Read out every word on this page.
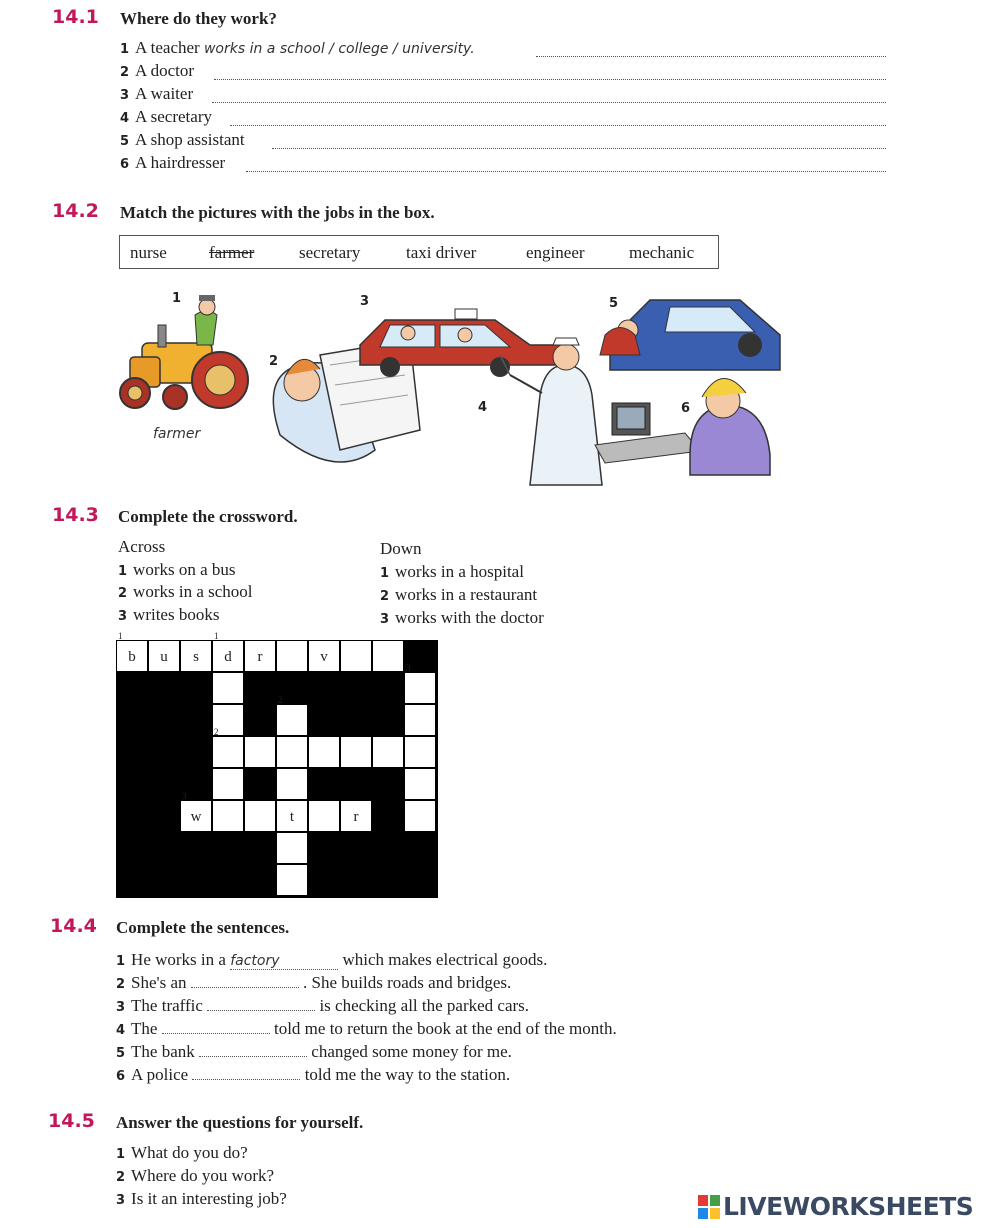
14.1 Where do they work?
1 A teacher works in a school / college / university.
2 A doctor
3 A waiter
4 A secretary
5 A shop assistant
6 A hairdresser
14.2 Match the pictures with the jobs in the box.
nurse farmer	secretary	taxi driver	engineer	mechanic
1
2
3
4
5
6
farmer
14.3 Complete the crossword.
Across
1 works on a bus
2 works in a school
3 writes books
Down
1 works in a hospital
2 works in a restaurant
3 works with the doctor
1
b	u	s
1
d	r	v
3
2
2
3
w	t	r
14.4 Complete the sentences.
1 He works in a factory	which makes electrical goods.
2 She's an	. She builds roads and bridges.
3 The traffic	is checking all the parked cars.
4 The	told me to return the book at the end of the month.
5 The bank	changed some money for me.
6 A police	told me the way to the station.
14.5 Answer the questions for yourself.
1 What do you do?
2 Where do you work?
3 Is it an interesting job?	LIVEWORKSHEETS
